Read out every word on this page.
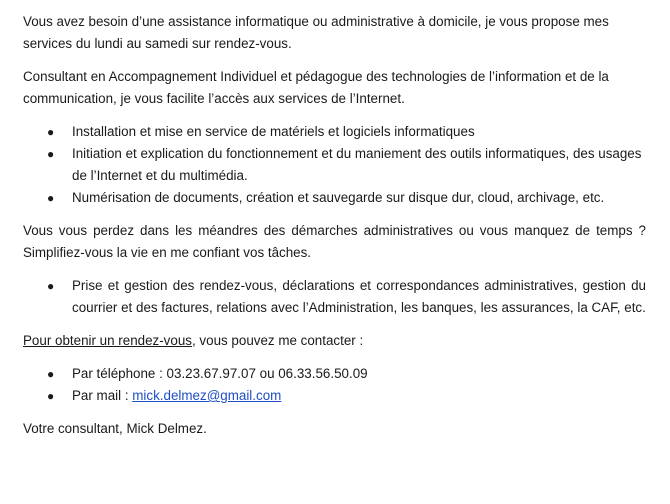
Vous avez besoin d’une assistance informatique ou administrative à domicile, je vous propose mes services du lundi au samedi sur rendez-vous.

Consultant en Accompagnement Individuel et pédagogue des technologies de l’information et de la communication, je vous facilite l’accès aux services de l’Internet.

● Installation et mise en service de matériels et logiciels informatiques
● Initiation et explication du fonctionnement et du maniement des outils informatiques, des usages de l’Internet et du multimédia.
● Numérisation de documents, création et sauvegarde sur disque dur, cloud, archivage, etc.

Vous vous perdez dans les méandres des démarches administratives ou vous manquez de temps ? Simplifiez-vous la vie en me confiant vos tâches.

● Prise et gestion des rendez-vous, déclarations et correspondances administratives, gestion du courrier et des factures, relations avec l’Administration, les banques, les assurances, la CAF, etc.

Pour obtenir un rendez-vous, vous pouvez me contacter :

● Par téléphone : 03.23.67.97.07 ou 06.33.56.50.09
● Par mail : mick.delmez@gmail.com

Votre consultant, Mick Delmez.
